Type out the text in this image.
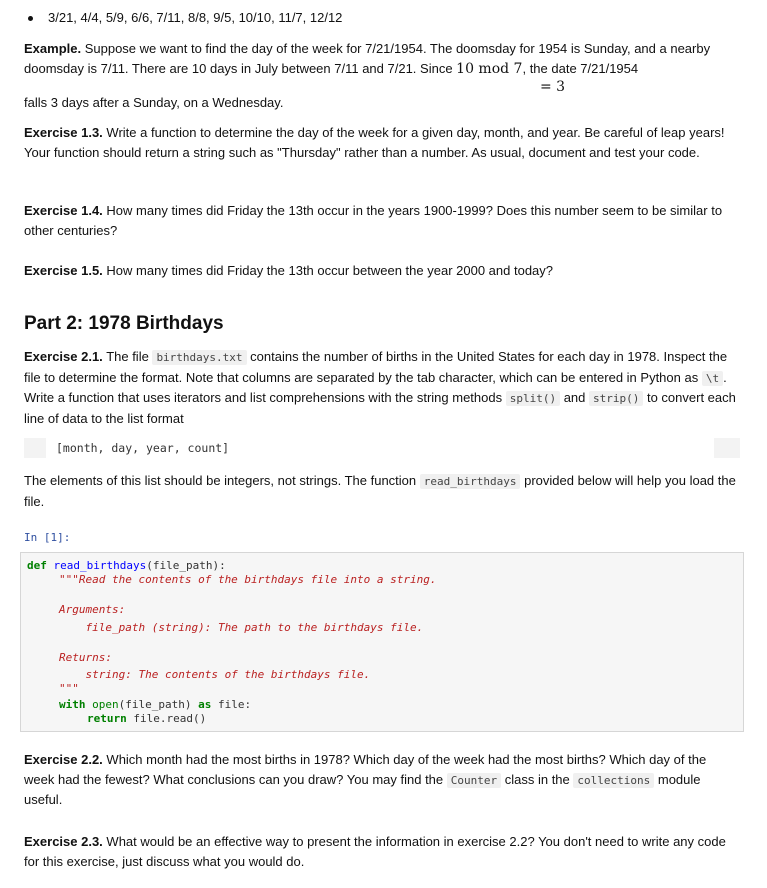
3/21, 4/4, 5/9, 6/6, 7/11, 8/8, 9/5, 10/10, 11/7, 12/12
Example. Suppose we want to find the day of the week for 7/21/1954. The doomsday for 1954 is Sunday, and a nearby doomsday is 7/11. There are 10 days in July between 7/11 and 7/21. Since 10 mod 7, the date 7/21/1954
= 3
falls 3 days after a Sunday, on a Wednesday.
Exercise 1.3. Write a function to determine the day of the week for a given day, month, and year. Be careful of leap years! Your function should return a string such as "Thursday" rather than a number. As usual, document and test your code.
Exercise 1.4. How many times did Friday the 13th occur in the years 1900-1999? Does this number seem to be similar to other centuries?
Exercise 1.5. How many times did Friday the 13th occur between the year 2000 and today?
Part 2: 1978 Birthdays
Exercise 2.1. The file birthdays.txt contains the number of births in the United States for each day in 1978. Inspect the file to determine the format. Note that columns are separated by the tab character, which can be entered in Python as \t . Write a function that uses iterators and list comprehensions with the string methods split() and strip() to convert each line of data to the list format
[month, day, year, count]
The elements of this list should be integers, not strings. The function read_birthdays provided below will help you load the file.
In [1]:
def read_birthdays(file_path):
"""Read the contents of the birthdays file into a string.
Arguments:
file_path (string): The path to the birthdays file.
Returns:
string: The contents of the birthdays file.
"""
with open(file_path) as file:
return file.read()
Exercise 2.2. Which month had the most births in 1978? Which day of the week had the most births? Which day of the week had the fewest? What conclusions can you draw? You may find the Counter class in the collections module useful.
Exercise 2.3. What would be an effective way to present the information in exercise 2.2? You don't need to write any code for this exercise, just discuss what you would do.
